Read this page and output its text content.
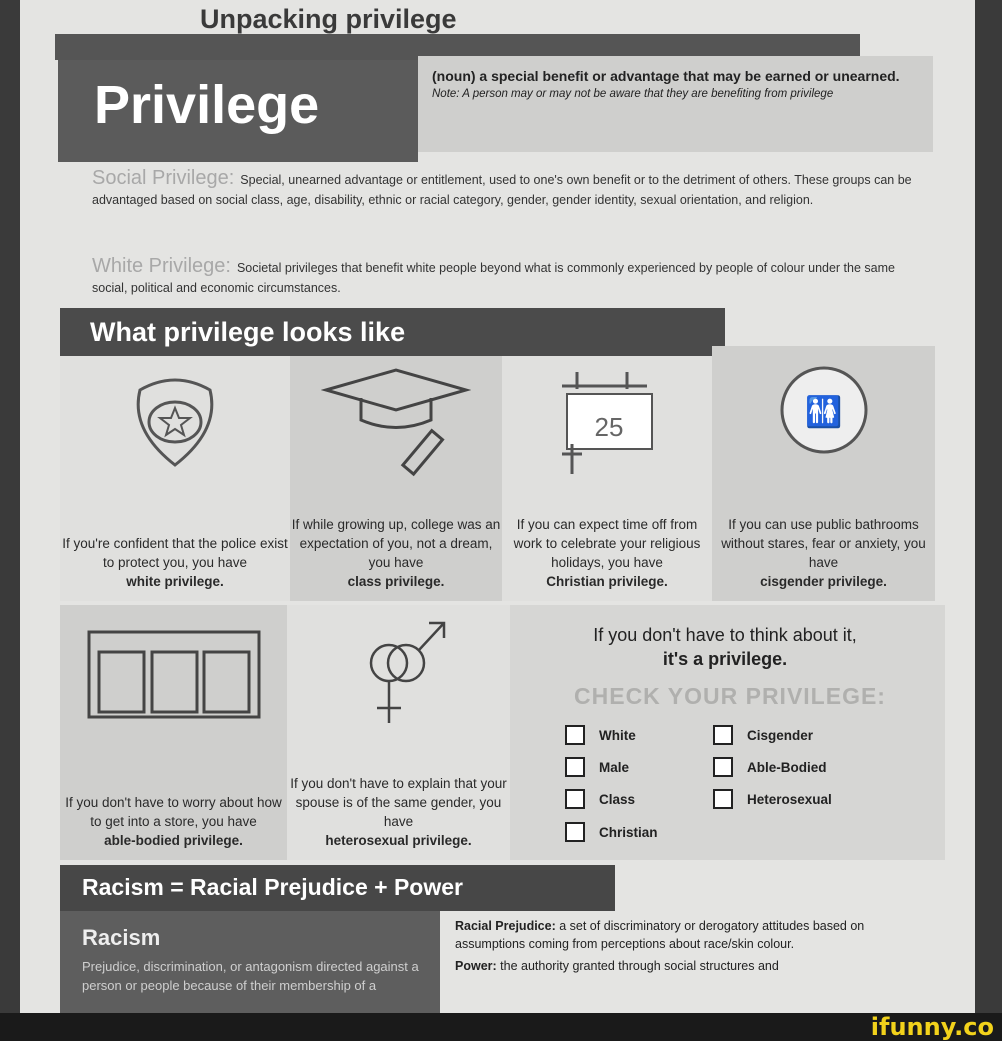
Unpacking privilege
Privilege	(noun) a special benefit or advantage that may be earned or unearned.
Note: A person may or may not be aware that they are benefiting from privilege
Social Privilege: Special, unearned advantage or entitlement, used to one's own benefit or to the detriment of others. These groups can be advantaged based on social class, age, disability, ethnic or racial category, gender, gender identity, sexual orientation, and religion.
White Privilege: Societal privileges that benefit white people beyond what is commonly experienced by people of colour under the same social, political and economic circumstances.
What privilege looks like
If you're confident that the police exist to protect you, you have
white privilege.
If while growing up, college was an expectation of you, not a dream, you have
class privilege.
25
If you can expect time off from work to celebrate your religious holidays, you have
Christian privilege.
🚻
If you can use public bathrooms without stares, fear or anxiety, you have
cisgender privilege.
If you don't have to worry about how to get into a store, you have
able-bodied privilege.
If you don't have to explain that your spouse is of the same gender, you have
heterosexual privilege.
If you don't have to think about it,
it's a privilege.
CHECK YOUR PRIVILEGE:
White
Male
Class
Christian
Cisgender
Able-Bodied
Heterosexual
Racism = Racial Prejudice + Power
Racism
Prejudice, discrimination, or antagonism directed against a person or people because of their membership of a
Racial Prejudice: a set of discriminatory or derogatory attitudes based on assumptions coming from perceptions about race/skin colour.
Power: the authority granted through social structures and
ifunny.co
